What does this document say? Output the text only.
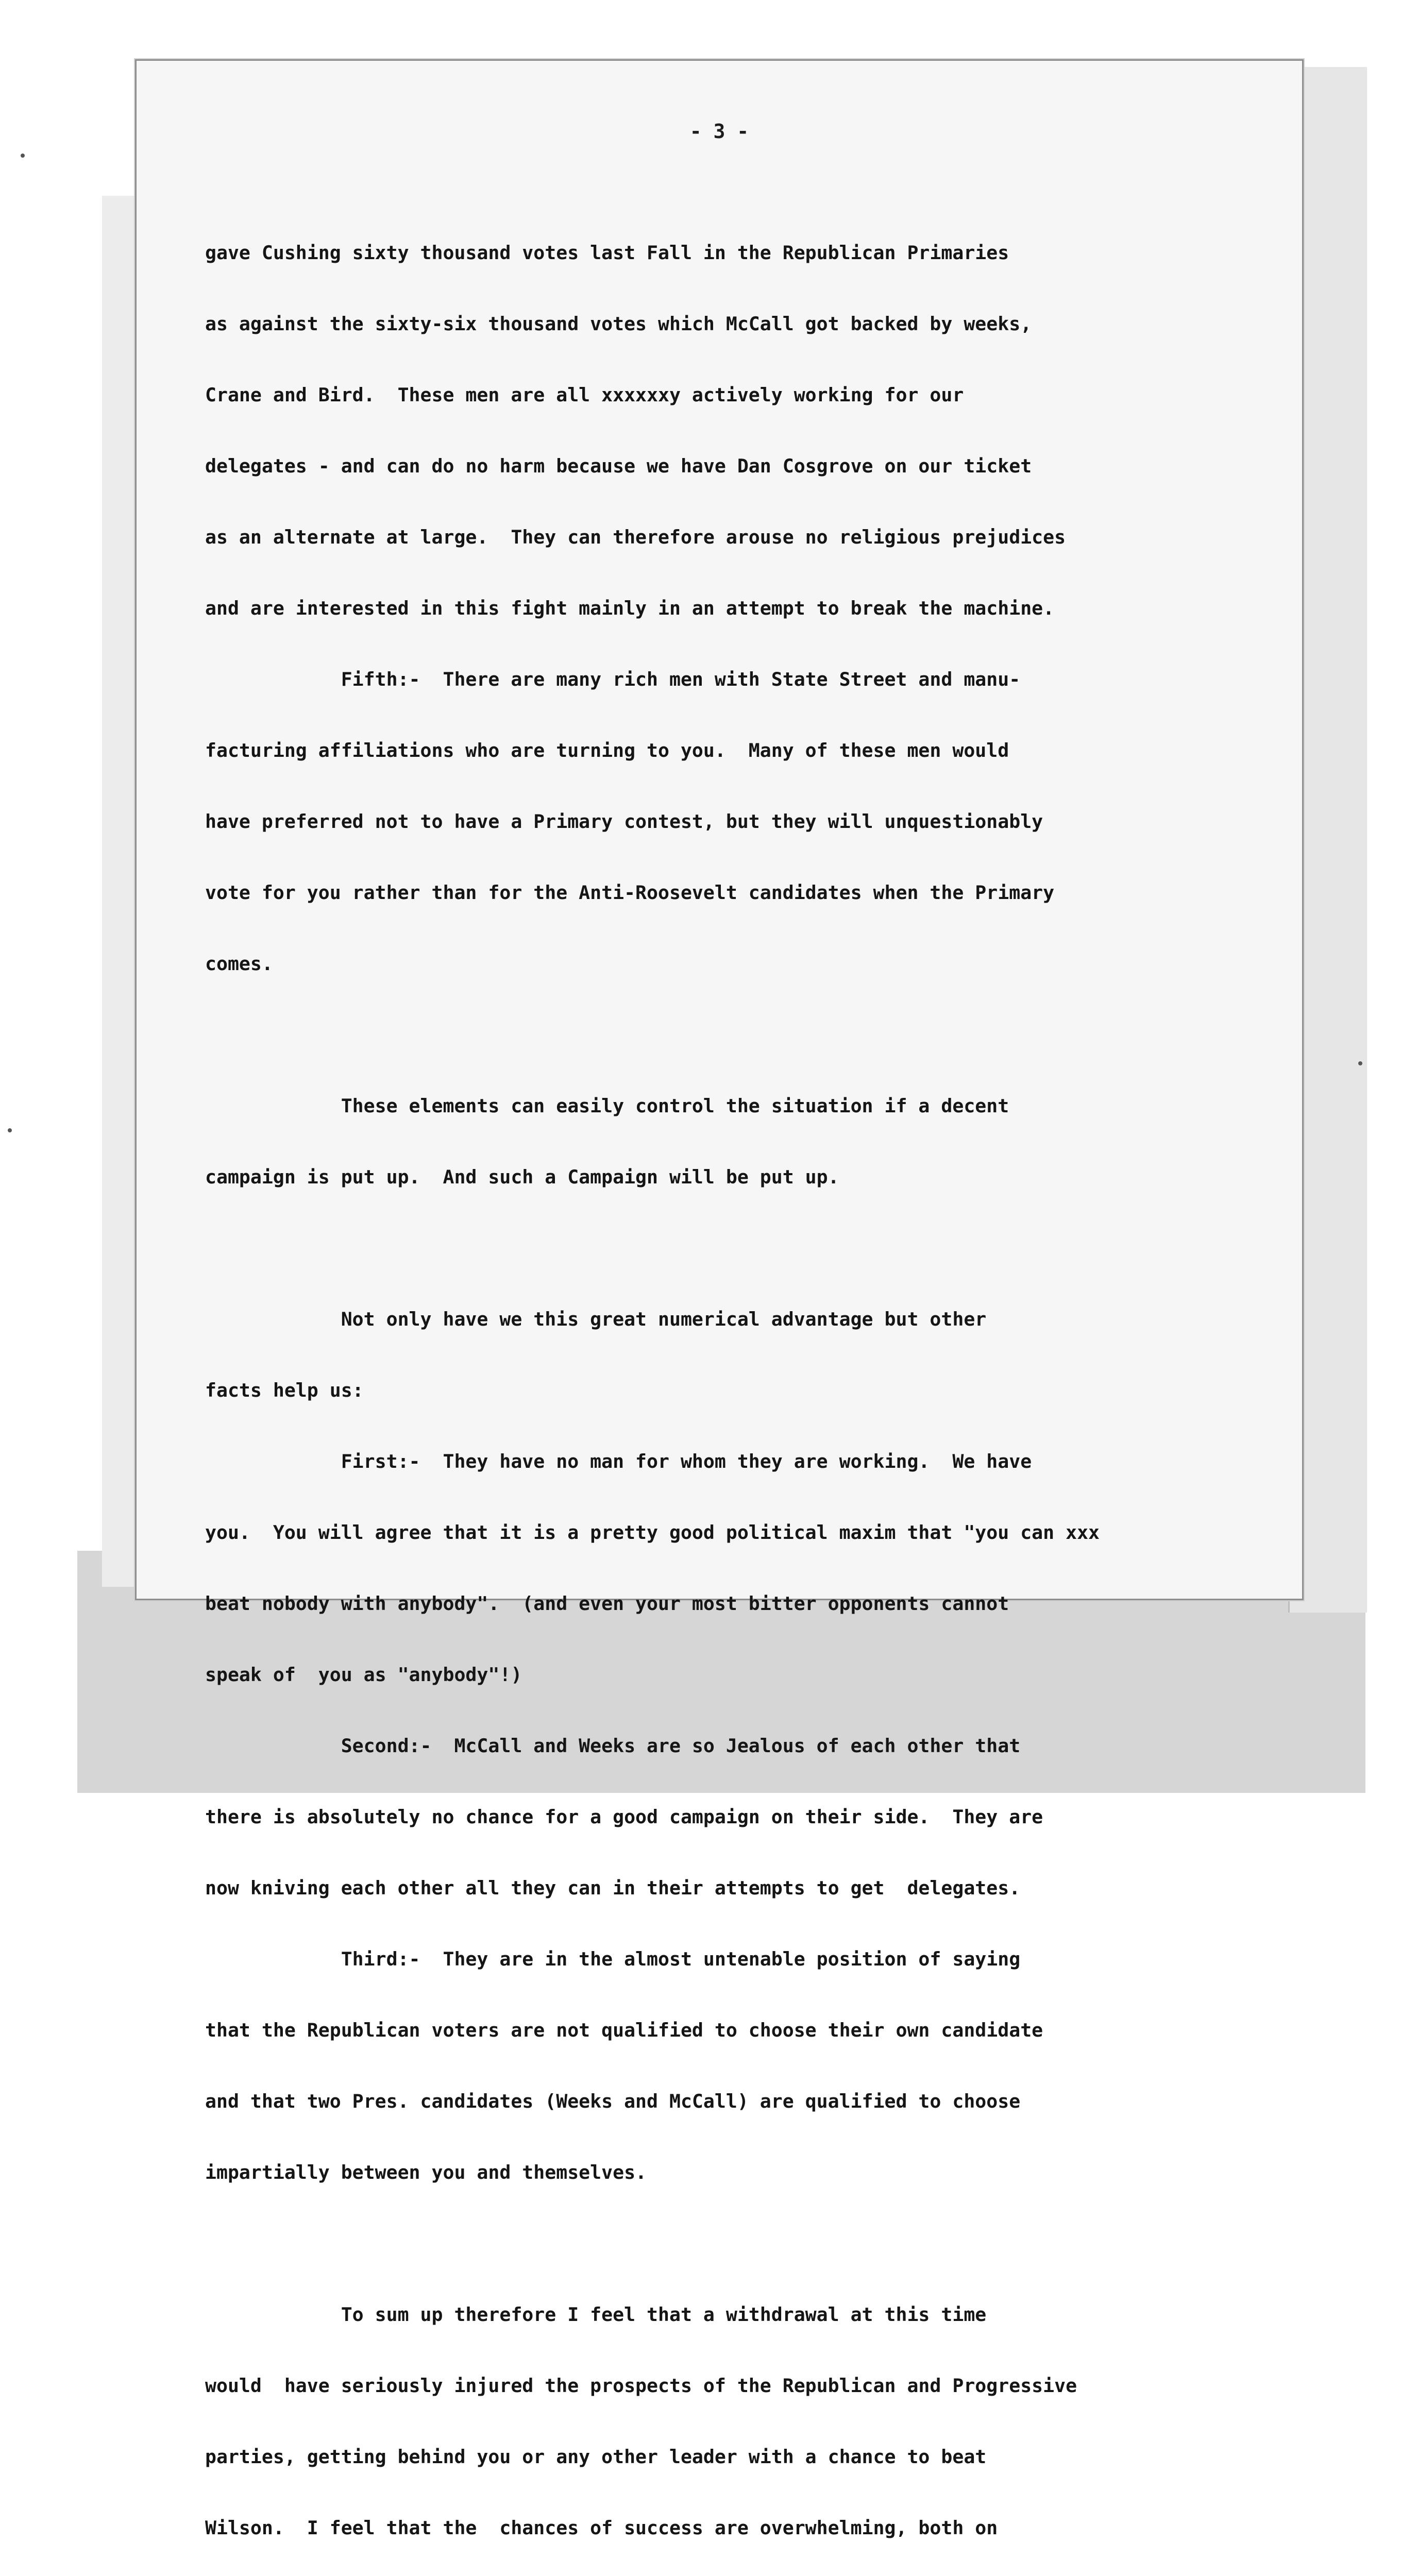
- 3 -

gave Cushing sixty thousand votes last Fall in the Republican Primaries

as against the sixty-six thousand votes which McCall got backed by weeks,

Crane and Bird.  These men are all xxxxxxy actively working for our

delegates - and can do no harm because we have Dan Cosgrove on our ticket

as an alternate at large.  They can therefore arouse no religious prejudices

and are interested in this fight mainly in an attempt to break the machine.

Fifth:-  There are many rich men with State Street and manu-

facturing affiliations who are turning to you.  Many of these men would

have preferred not to have a Primary contest, but they will unquestionably

vote for you rather than for the Anti-Roosevelt candidates when the Primary

comes.

These elements can easily control the situation if a decent

campaign is put up.  And such a Campaign will be put up.

Not only have we this great numerical advantage but other

facts help us:

First:-  They have no man for whom they are working.  We have

you.  You will agree that it is a pretty good political maxim that "you can xxx

beat nobody with anybody".  (and even your most bitter opponents cannot

speak of  you as "anybody"!)

Second:-  McCall and Weeks are so Jealous of each other that

there is absolutely no chance for a good campaign on their side.  They are

now kniving each other all they can in their attempts to get  delegates.

Third:-  They are in the almost untenable position of saying

that the Republican voters are not qualified to choose their own candidate

and that two Pres. candidates (Weeks and McCall) are qualified to choose

impartially between you and themselves.

To sum up therefore I feel that a withdrawal at this time

would  have seriously injured the prospects of the Republican and Progressive

parties, getting behind you or any other leader with a chance to beat

Wilson.  I feel that the  chances of success are overwhelming, both on
